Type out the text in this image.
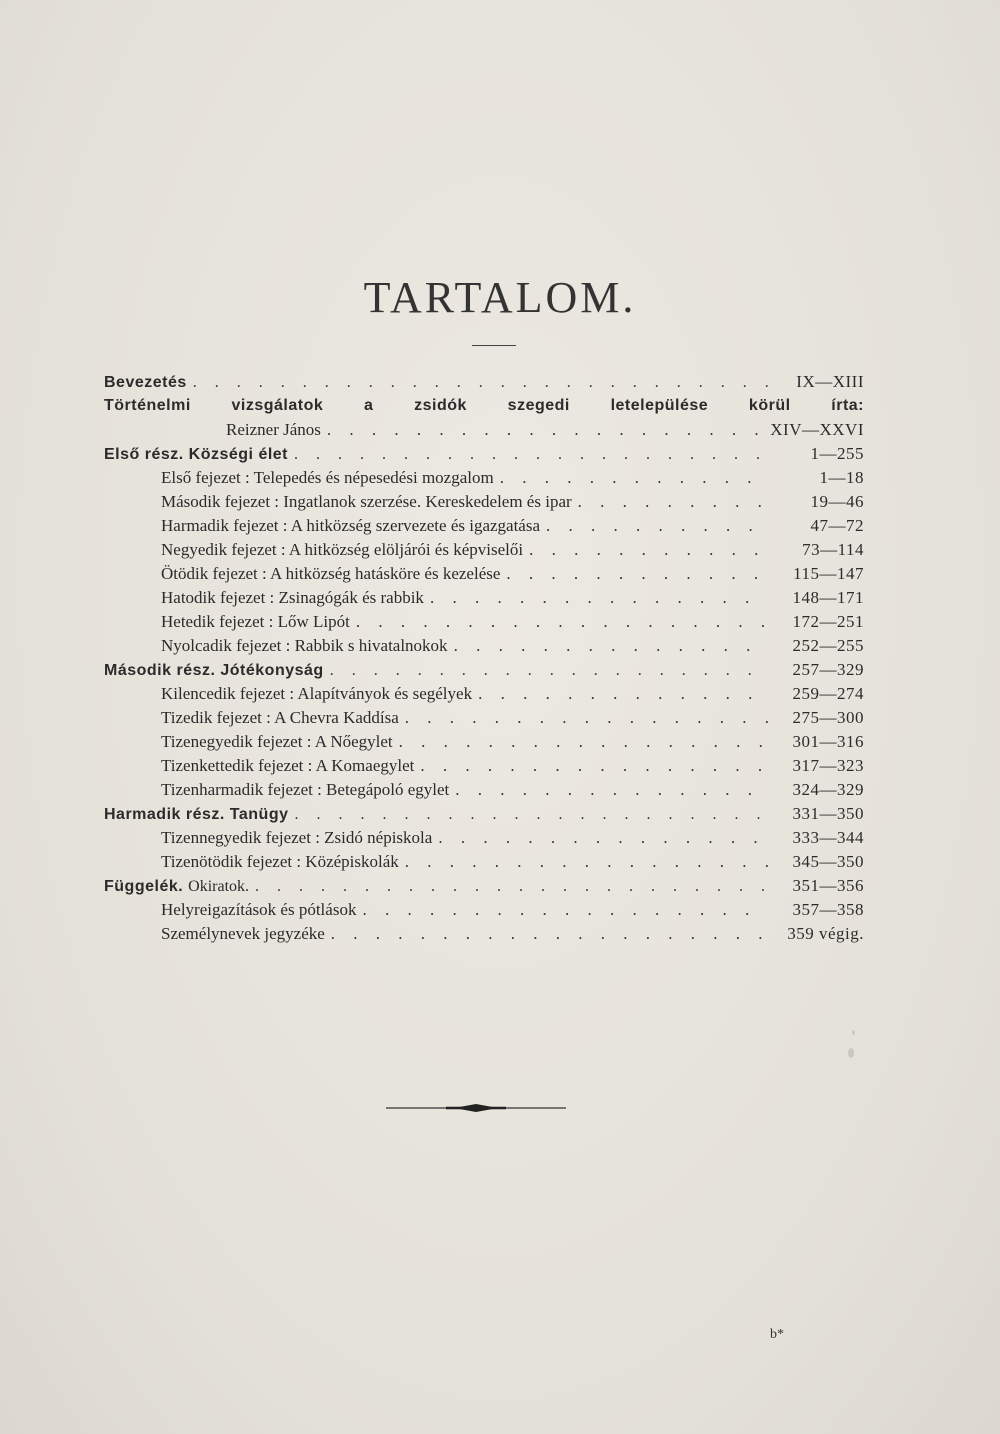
TARTALOM.
Bevezetés . . .	IX—XIII
Történelmi vizsgálatok a zsidók szegedi letelepülése körül írta:
Reizner János . . .	XIV—XXVI
Első rész. Községi élet . . .	1—255
Első fejezet : Telepedés és népesedési mozgalom . . .	1—18
Második fejezet : Ingatlanok szerzése. Kereskedelem és ipar . . .	19—46
Harmadik fejezet : A hitközség szervezete és igazgatása . . .	47—72
Negyedik fejezet : A hitközség elöljárói és képviselői . . .	73—114
Ötödik fejezet : A hitközség hatásköre és kezelése . . .	115—147
Hatodik fejezet : Zsinagógák és rabbik . . .	148—171
Hetedik fejezet : Lőw Lipót . . .	172—251
Nyolcadik fejezet : Rabbik s hivatalnokok . . .	252—255
Második rész. Jótékonyság . . .	257—329
Kilencedik fejezet : Alapítványok és segélyek . . .	259—274
Tizedik fejezet : A Chevra Kaddísa . . .	275—300
Tizenegyedik fejezet : A Nőegylet . . .	301—316
Tizenkettedik fejezet : A Komaegylet . . .	317—323
Tizenharmadik fejezet : Betegápoló egylet . . .	324—329
Harmadik rész. Tanügy . . .	331—350
Tizennegyedik fejezet : Zsidó népiskola . . .	333—344
Tizenötödik fejezet : Középiskolák . . .	345—350
Függelék. Okiratok. . . .	351—356
Helyreigazítások és pótlások . . .	357—358
Személynevek jegyzéke . . .	359 végig.
b*
